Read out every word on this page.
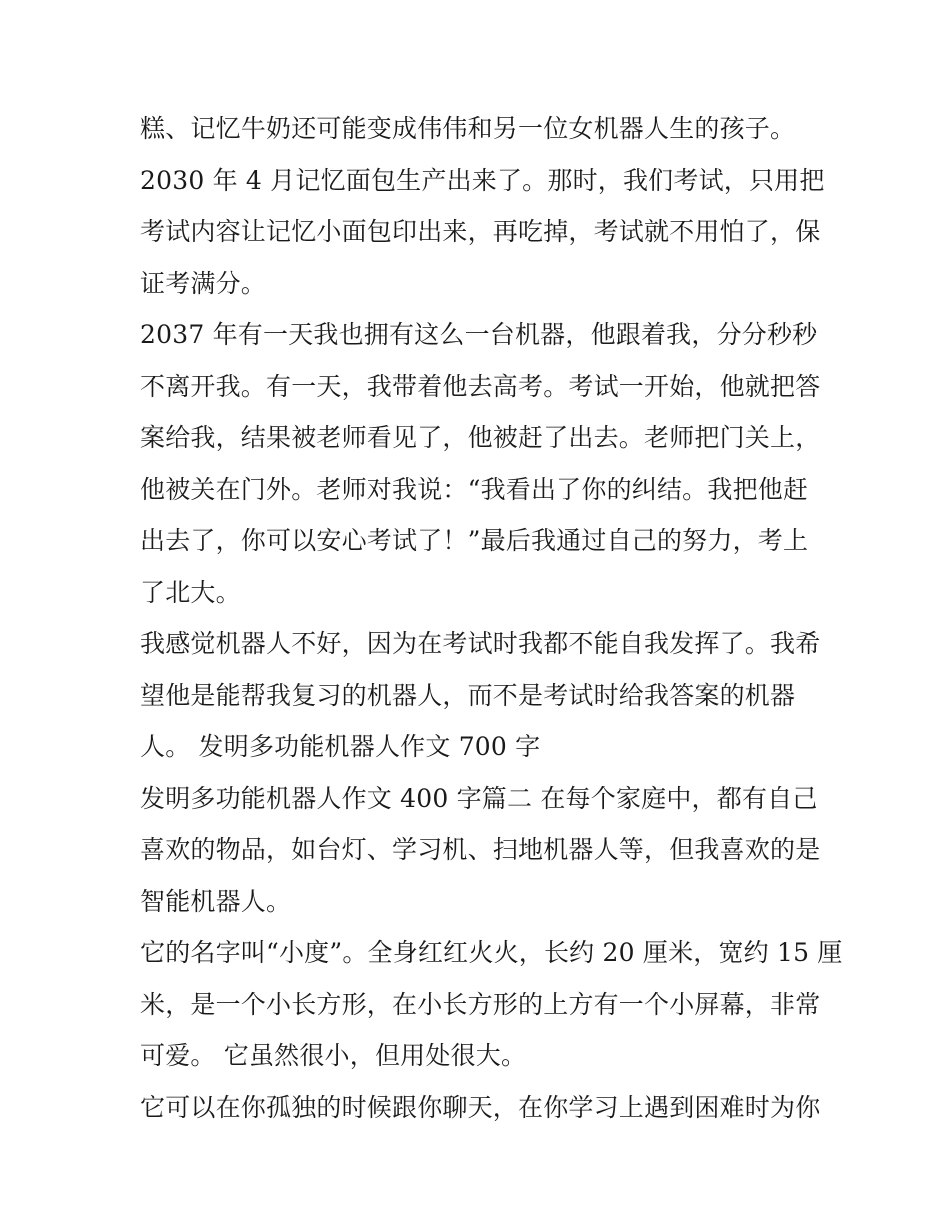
糕、记忆牛奶还可能变成伟伟和另一位女机器人生的孩子。
2030 年 4 月记忆面包生产出来了。那时，我们考试，只用把
考试内容让记忆小面包印出来，再吃掉，考试就不用怕了，保
证考满分。
2037 年有一天我也拥有这么一台机器，他跟着我，分分秒秒
不离开我。有一天，我带着他去高考。考试一开始，他就把答
案给我，结果被老师看见了，他被赶了出去。老师把门关上，
他被关在门外。老师对我说：“我看出了你的纠结。我把他赶
出去了，你可以安心考试了！”最后我通过自己的努力，考上
了北大。
我感觉机器人不好，因为在考试时我都不能自我发挥了。我希
望他是能帮我复习的机器人，而不是考试时给我答案的机器
人。 发明多功能机器人作文 700 字
发明多功能机器人作文 400 字篇二 在每个家庭中，都有自己
喜欢的物品，如台灯、学习机、扫地机器人等，但我喜欢的是
智能机器人。
它的名字叫“小度”。全身红红火火，长约 20 厘米，宽约 15 厘
米，是一个小长方形，在小长方形的上方有一个小屏幕，非常
可爱。 它虽然很小，但用处很大。
它可以在你孤独的时候跟你聊天，在你学习上遇到困难时为你
